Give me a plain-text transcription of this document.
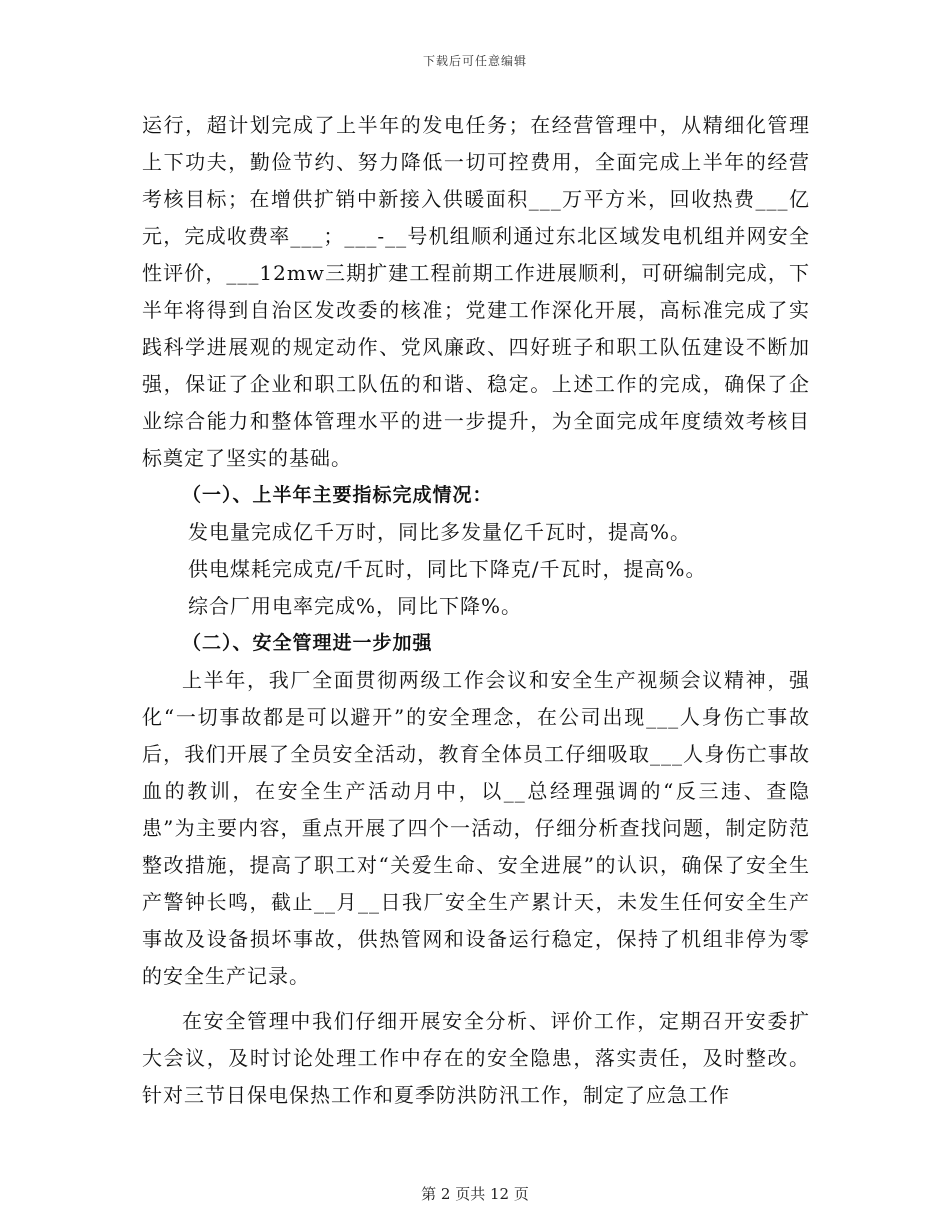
下载后可任意编辑

运行，超计划完成了上半年的发电任务；在经营管理中，从精细化管理上下功夫，勤俭节约、努力降低一切可控费用，全面完成上半年的经营考核目标；在增供扩销中新接入供暖面积___万平方米，回收热费___亿元，完成收费率___；___-__号机组顺利通过东北区域发电机组并网安全性评价，___12mw三期扩建工程前期工作进展顺利，可研编制完成，下半年将得到自治区发改委的核准；党建工作深化开展，高标准完成了实践科学进展观的规定动作、党风廉政、四好班子和职工队伍建设不断加强，保证了企业和职工队伍的和谐、稳定。上述工作的完成，确保了企业综合能力和整体管理水平的进一步提升，为全面完成年度绩效考核目标奠定了坚实的基础。

（一）、上半年主要指标完成情况：

发电量完成亿千万时，同比多发量亿千瓦时，提高%。

供电煤耗完成克/千瓦时，同比下降克/千瓦时，提高%。

综合厂用电率完成%，同比下降%。

（二）、安全管理进一步加强

上半年，我厂全面贯彻两级工作会议和安全生产视频会议精神，强化“一切事故都是可以避开”的安全理念，在公司出现___人身伤亡事故后，我们开展了全员安全活动，教育全体员工仔细吸取___人身伤亡事故血的教训，在安全生产活动月中，以__总经理强调的“反三违、查隐患”为主要内容，重点开展了四个一活动，仔细分析查找问题，制定防范整改措施，提高了职工对“关爱生命、安全进展”的认识，确保了安全生产警钟长鸣，截止__月__日我厂安全生产累计天，未发生任何安全生产事故及设备损坏事故，供热管网和设备运行稳定，保持了机组非停为零的安全生产记录。

在安全管理中我们仔细开展安全分析、评价工作，定期召开安委扩大会议，及时讨论处理工作中存在的安全隐患，落实责任，及时整改。针对三节日保电保热工作和夏季防洪防汛工作，制定了应急工作

第 2 页共 12 页
